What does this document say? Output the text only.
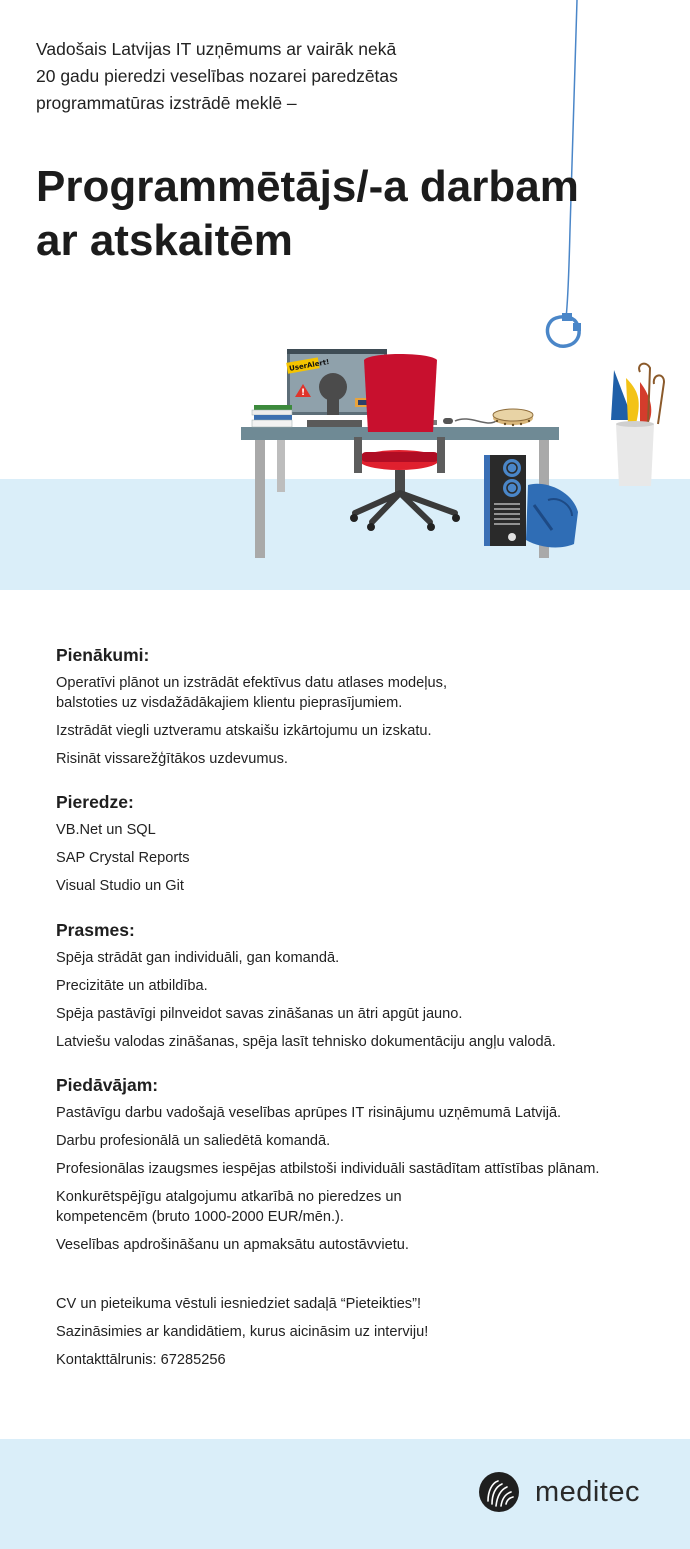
!
UserAlert!
Vadošais Latvijas IT uzņēmums ar vairāk nekā
20 gadu pieredzi veselības nozarei paredzētas
programmatūras izstrādē meklē –
Programmētājs/-a darbam
ar atskaitēm
Pienākumi:
Operatīvi plānot un izstrādāt efektīvus datu atlases modeļus,
balstoties uz visdažādākajiem klientu pieprasījumiem.
Izstrādāt viegli uztveramu atskaišu izkārtojumu un izskatu.
Risināt vissarežģītākos uzdevumus.
Pieredze:
VB.Net un SQL
SAP Crystal Reports
Visual Studio un Git
Prasmes:
Spēja strādāt gan individuāli, gan komandā.
Precizitāte un atbildība.
Spēja pastāvīgi pilnveidot savas zināšanas un ātri apgūt jauno.
Latviešu valodas zināšanas, spēja lasīt tehnisko dokumentāciju angļu valodā.
Piedāvājam:
Pastāvīgu darbu vadošajā veselības aprūpes IT risinājumu uzņēmumā Latvijā.
Darbu profesionālā un saliedētā komandā.
Profesionālas izaugsmes iespējas atbilstoši individuāli sastādītam attīstības plānam.
Konkurētspējīgu atalgojumu atkarībā no pieredzes un
kompetencēm (bruto 1000-2000 EUR/mēn.).
Veselības apdrošināšanu un apmaksātu autostāvvietu.
CV un pieteikuma vēstuli iesniedziet sadaļā “Pieteikties”!
Sazināsimies ar kandidātiem, kurus aicināsim uz interviju!
Kontakttālrunis: 67285256
meditec
